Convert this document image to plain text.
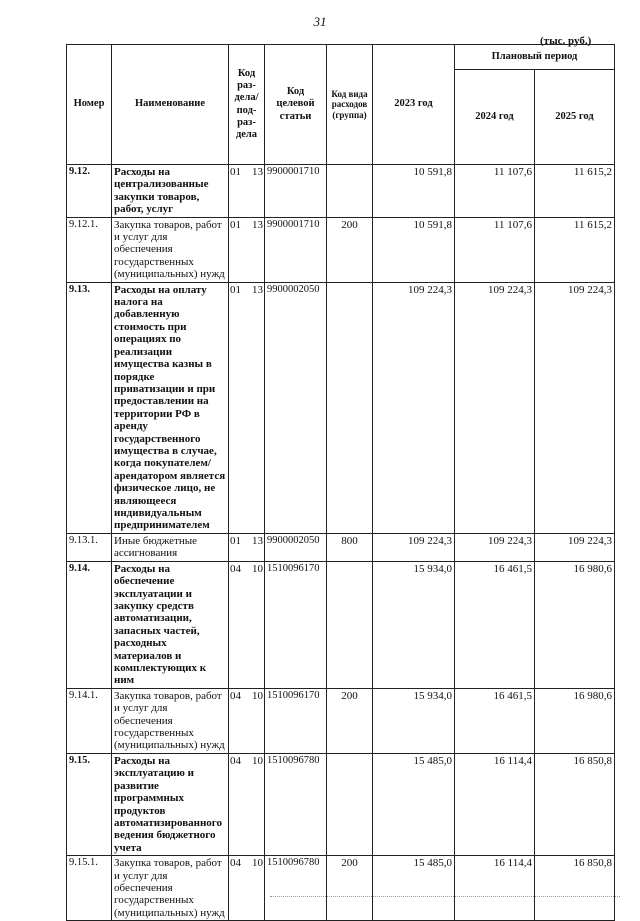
31
(тыс. руб.)
Номер	Наименование	Код раз-дела/ под-раз-дела	Код целевой статьи	Код вида расходов (группа)	2023 год	Плановый период	
						2024 год	2025 год
9.12.	Расходы на централизованные закупки товаров, работ, услуг	01 13	9900001710		10 591,8	11 107,6	11 615,2
9.12.1.	Закупка товаров, работ и услуг для обеспечения государственных (муниципальных) нужд	01 13	9900001710	200	10 591,8	11 107,6	11 615,2
9.13.	Расходы на оплату налога на добавленную стоимость при операциях по реализации имущества казны в порядке приватизации и при предоставлении на территории РФ в аренду государственного имущества в случае, когда покупателем/арендатором является физическое лицо, не являющееся индивидуальным предпринимателем	01 13	9900002050		109 224,3	109 224,3	109 224,3
9.13.1.	Иные бюджетные ассигнования	01 13	9900002050	800	109 224,3	109 224,3	109 224,3
9.14.	Расходы на обеспечение эксплуатации и закупку средств автоматизации, запасных частей, расходных материалов и комплектующих к ним	04 10	1510096170		15 934,0	16 461,5	16 980,6
9.14.1.	Закупка товаров, работ и услуг для обеспечения государственных (муниципальных) нужд	04 10	1510096170	200	15 934,0	16 461,5	16 980,6
9.15.	Расходы на эксплуатацию и развитие программных продуктов автоматизированного ведения бюджетного учета	04 10	1510096780		15 485,0	16 114,4	16 850,8
9.15.1.	Закупка товаров, работ и услуг для обеспечения государственных (муниципальных) нужд	04 10	1510096780	200	15 485,0	16 114,4	16 850,8
